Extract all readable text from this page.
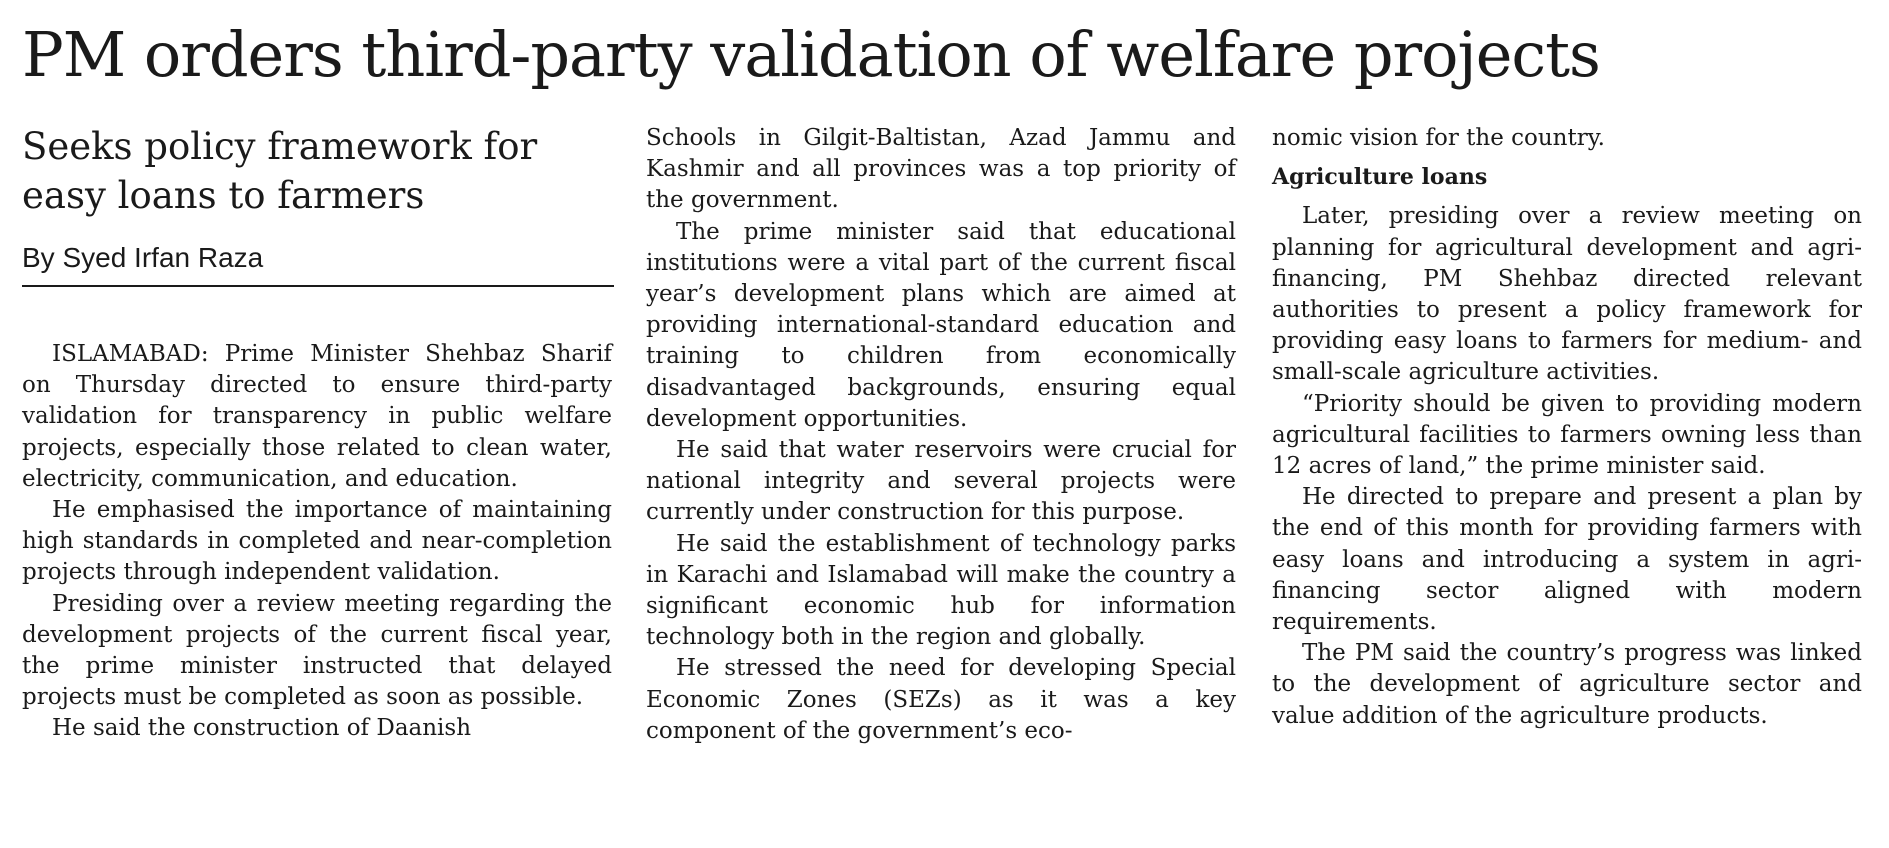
PM orders third-party validation of welfare projects
Seeks policy framework for
easy loans to farmers
By Syed Irfan Raza

ISLAMABAD: Prime Minister Shehbaz Sharif on Thursday directed to ensure third-party validation for transparency in public welfare projects, especially those related to clean water, electricity, communication, and education.

He emphasised the importance of maintaining high standards in completed and near-completion projects through independent validation.

Presiding over a review meeting regarding the development projects of the current fiscal year, the prime minister instructed that delayed projects must be completed as soon as possible.

He said the construction of Daanish

Schools in Gilgit-Baltistan, Azad Jammu and Kashmir and all provinces was a top priority of the government.

The prime minister said that educational institutions were a vital part of the current fiscal year’s development plans which are aimed at providing international-standard education and training to children from economically disadvantaged backgrounds, ensuring equal development opportunities.

He said that water reservoirs were crucial for national integrity and several projects were currently under construction for this purpose.

He said the establishment of technology parks in Karachi and Islamabad will make the country a significant economic hub for information technology both in the region and globally.

He stressed the need for developing Special Economic Zones (SEZs) as it was a key component of the government’s eco-

nomic vision for the country.

Agriculture loans

Later, presiding over a review meeting on planning for agricultural development and agri-financing, PM Shehbaz directed relevant authorities to present a policy framework for providing easy loans to farmers for medium- and small-scale agriculture activities.

“Priority should be given to providing modern agricultural facilities to farmers owning less than 12 acres of land,” the prime minister said.

He directed to prepare and present a plan by the end of this month for providing farmers with easy loans and introducing a system in agri-financing sector aligned with modern requirements.

The PM said the country’s progress was linked to the development of agriculture sector and value addition of the agriculture products.
